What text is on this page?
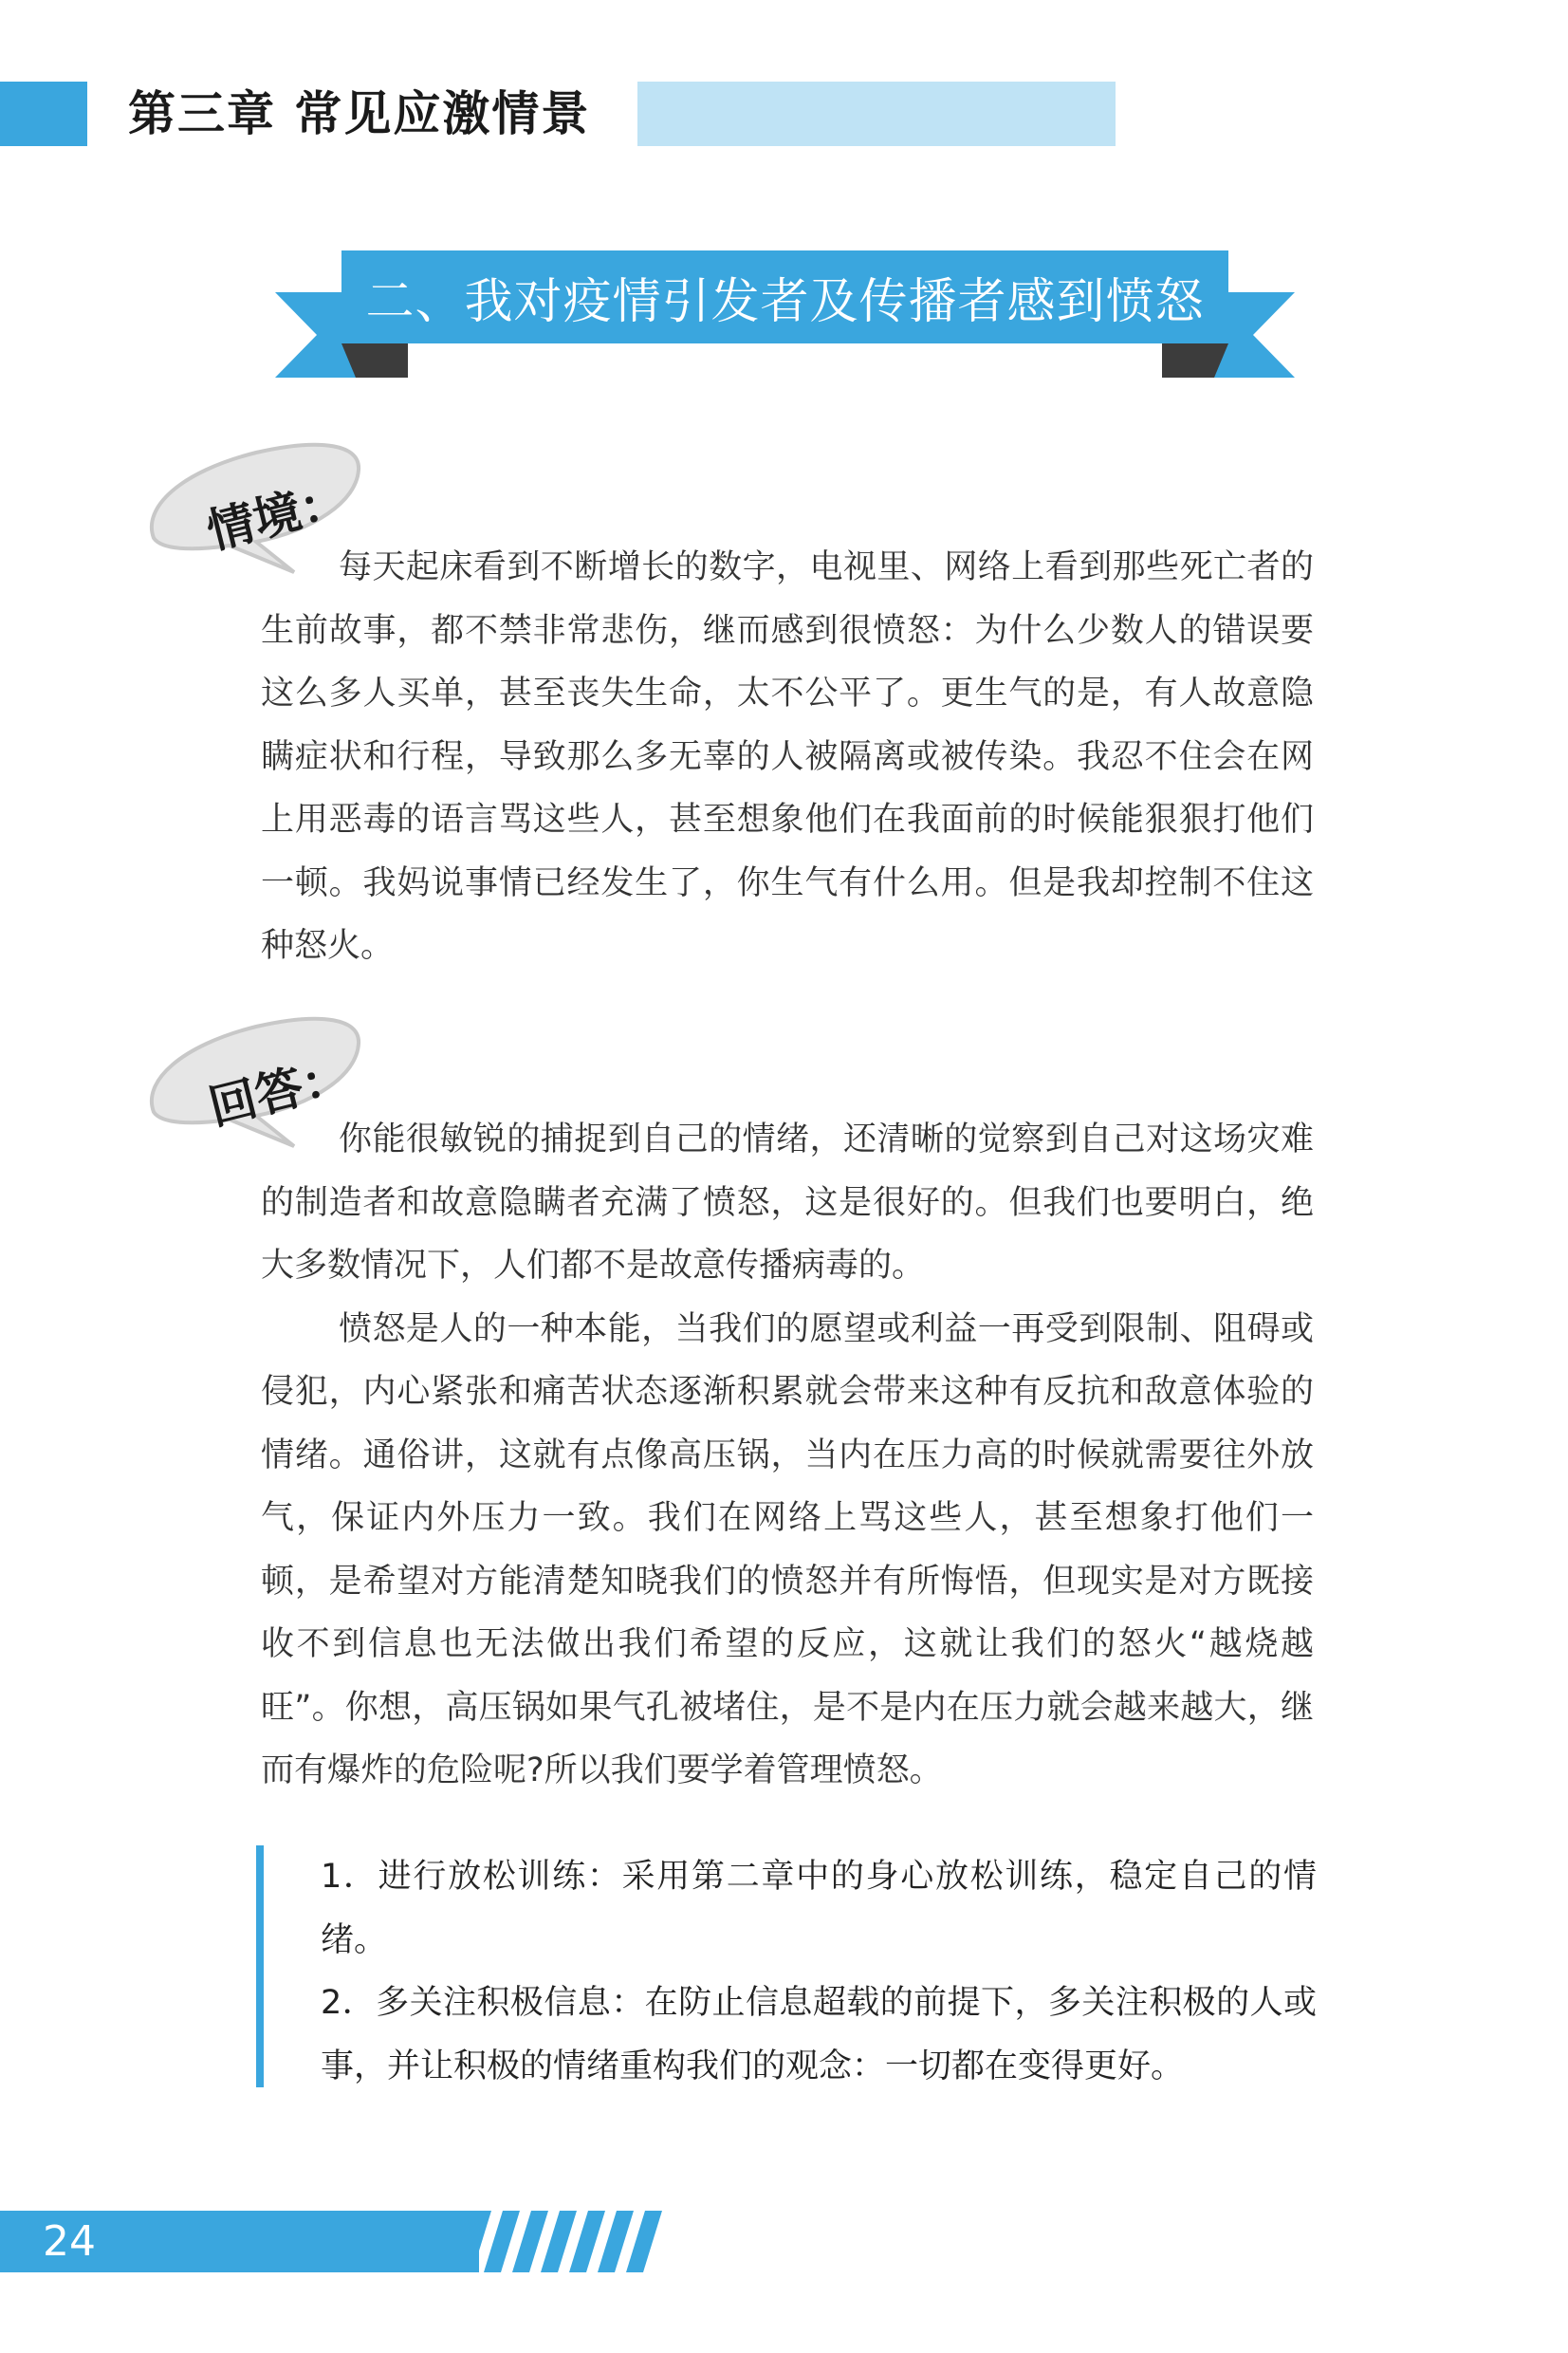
第三章 常见应激情景
二、我对疫情引发者及传播者感到愤怒
情境：

每天起床看到不断增长的数字，电视里、网络上看到那些死亡者的生前故事，都不禁非常悲伤，继而感到很愤怒：为什么少数人的错误要这么多人买单，甚至丧失生命，太不公平了。更生气的是，有人故意隐瞒症状和行程，导致那么多无辜的人被隔离或被传染。我忍不住会在网上用恶毒的语言骂这些人，甚至想象他们在我面前的时候能狠狠打他们一顿。我妈说事情已经发生了，你生气有什么用。但是我却控制不住这种怒火。

回答：

你能很敏锐的捕捉到自己的情绪，还清晰的觉察到自己对这场灾难的制造者和故意隐瞒者充满了愤怒，这是很好的。但我们也要明白，绝大多数情况下，人们都不是故意传播病毒的。

愤怒是人的一种本能，当我们的愿望或利益一再受到限制、阻碍或侵犯，内心紧张和痛苦状态逐渐积累就会带来这种有反抗和敌意体验的情绪。通俗讲，这就有点像高压锅，当内在压力高的时候就需要往外放气，保证内外压力一致。我们在网络上骂这些人，甚至想象打他们一顿，是希望对方能清楚知晓我们的愤怒并有所悔悟，但现实是对方既接收不到信息也无法做出我们希望的反应，这就让我们的怒火“越烧越旺”。你想，高压锅如果气孔被堵住，是不是内在压力就会越来越大，继而有爆炸的危险呢?所以我们要学着管理愤怒。

1．进行放松训练：采用第二章中的身心放松训练，稳定自己的情绪。
2．多关注积极信息：在防止信息超载的前提下，多关注积极的人或事，并让积极的情绪重构我们的观念：一切都在变得更好。
24
